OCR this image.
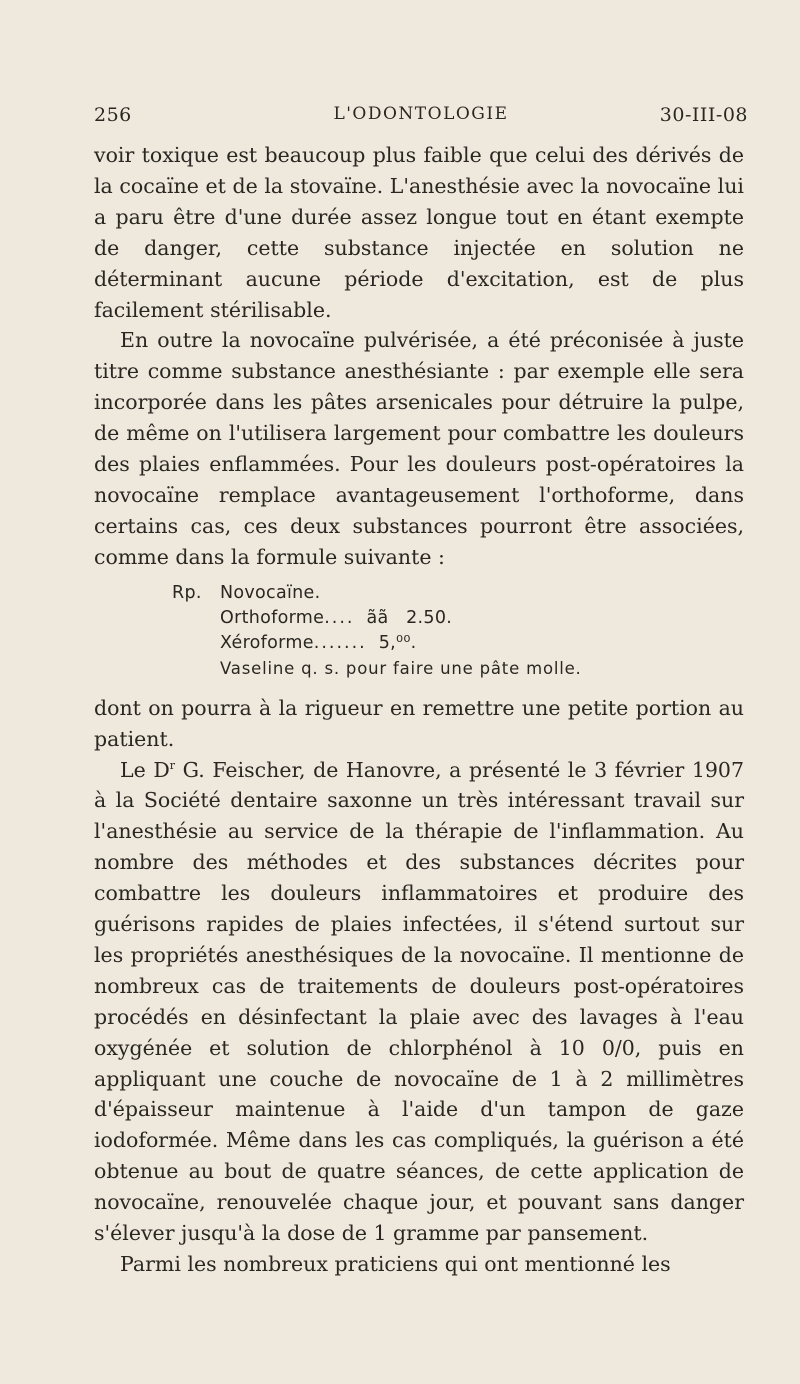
256	L'ODONTOLOGIE	30-III-08

voir toxique est beaucoup plus faible que celui des dérivés de la cocaïne et de la stovaïne. L'anesthésie avec la novocaïne lui a paru être d'une durée assez longue tout en étant exempte de danger, cette substance injectée en solution ne déterminant aucune période d'excitation, est de plus facilement stérilisable.

En outre la novocaïne pulvérisée, a été préconisée à juste titre comme substance anesthésiante : par exemple elle sera incorporée dans les pâtes arsenicales pour détruire la pulpe, de même on l'utilisera largement pour combattre les douleurs des plaies enflammées. Pour les douleurs post-opératoires la novocaïne remplace avantageusement l'orthoforme, dans certains cas, ces deux substances pourront être associées, comme dans la formule suivante :

Rp. Novocaïne.
Orthoforme.... ãã   2.50.
Xéroforme....... 5,⁰⁰.
Vaseline q. s. pour faire une pâte molle.

dont on pourra à la rigueur en remettre une petite portion au patient.

Le $D^r$ G. Feischer, de Hanovre, a présenté le 3 février 1907 à la Société dentaire saxonne un très intéressant travail sur l'anesthésie au service de la thérapie de l'inflammation. Au nombre des méthodes et des substances décrites pour combattre les douleurs inflammatoires et produire des guérisons rapides de plaies infectées, il s'étend surtout sur les propriétés anesthésiques de la novocaïne. Il mentionne de nombreux cas de traitements de douleurs post-opératoires procédés en désinfectant la plaie avec des lavages à l'eau oxygénée et solution de chlorphénol à 10 0/0, puis en appliquant une couche de novocaïne de 1 à 2 millimètres d'épaisseur maintenue à l'aide d'un tampon de gaze iodoformée. Même dans les cas compliqués, la guérison a été obtenue au bout de quatre séances, de cette application de novocaïne, renouvelée chaque jour, et pouvant sans danger s'élever jusqu'à la dose de 1 gramme par pansement.

Parmi les nombreux praticiens qui ont mentionné les
